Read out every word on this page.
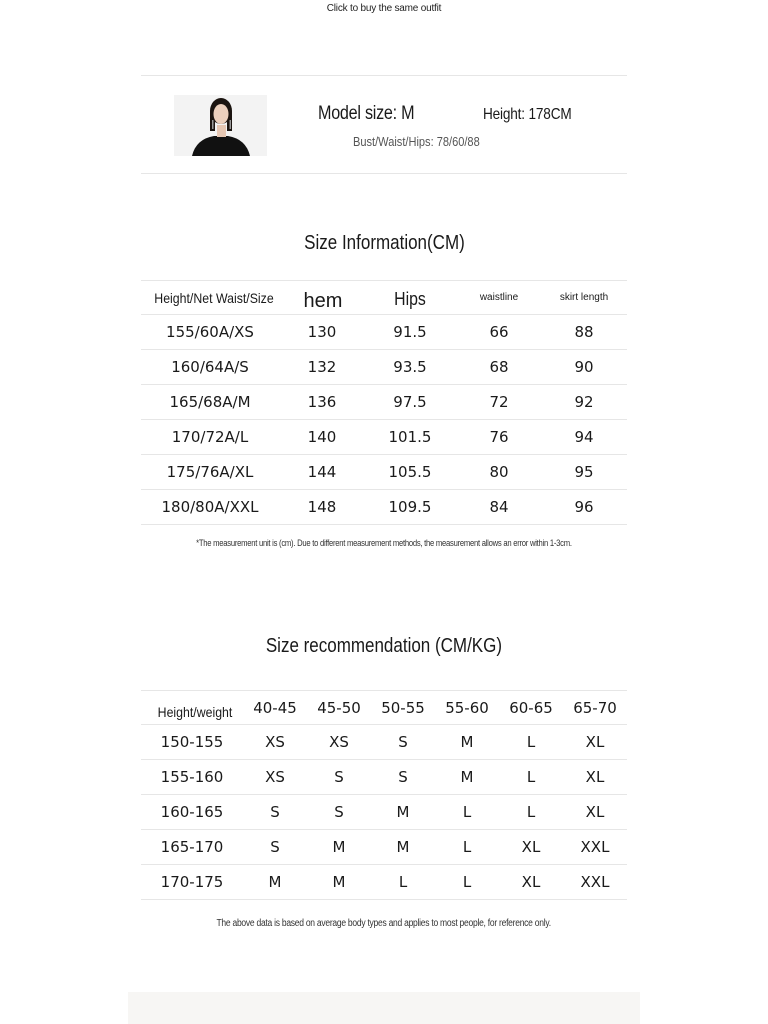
Click to buy the same outfit
Model size: M	Height: 178CM
Bust/Waist/Hips: 78/60/88
Size Information(CM)
Height/Net Waist/Size	hem	Hips	waistline	skirt length
155/60A/XS	130	91.5	66	88
160/64A/S	132	93.5	68	90
165/68A/M	136	97.5	72	92
170/72A/L	140	101.5	76	94
175/76A/XL	144	105.5	80	95
180/80A/XXL	148	109.5	84	96
*The measurement unit is (cm). Due to different measurement methods, the measurement allows an error within 1-3cm.
Size recommendation (CM/KG)
Height/weight	40-45	45-50	50-55	55-60	60-65	65-70
150-155	XS	XS	S	M	L	XL
155-160	XS	S	S	M	L	XL
160-165	S	S	M	L	L	XL
165-170	S	M	M	L	XL	XXL
170-175	M	M	L	L	XL	XXL
The above data is based on average body types and applies to most people, for reference only.
